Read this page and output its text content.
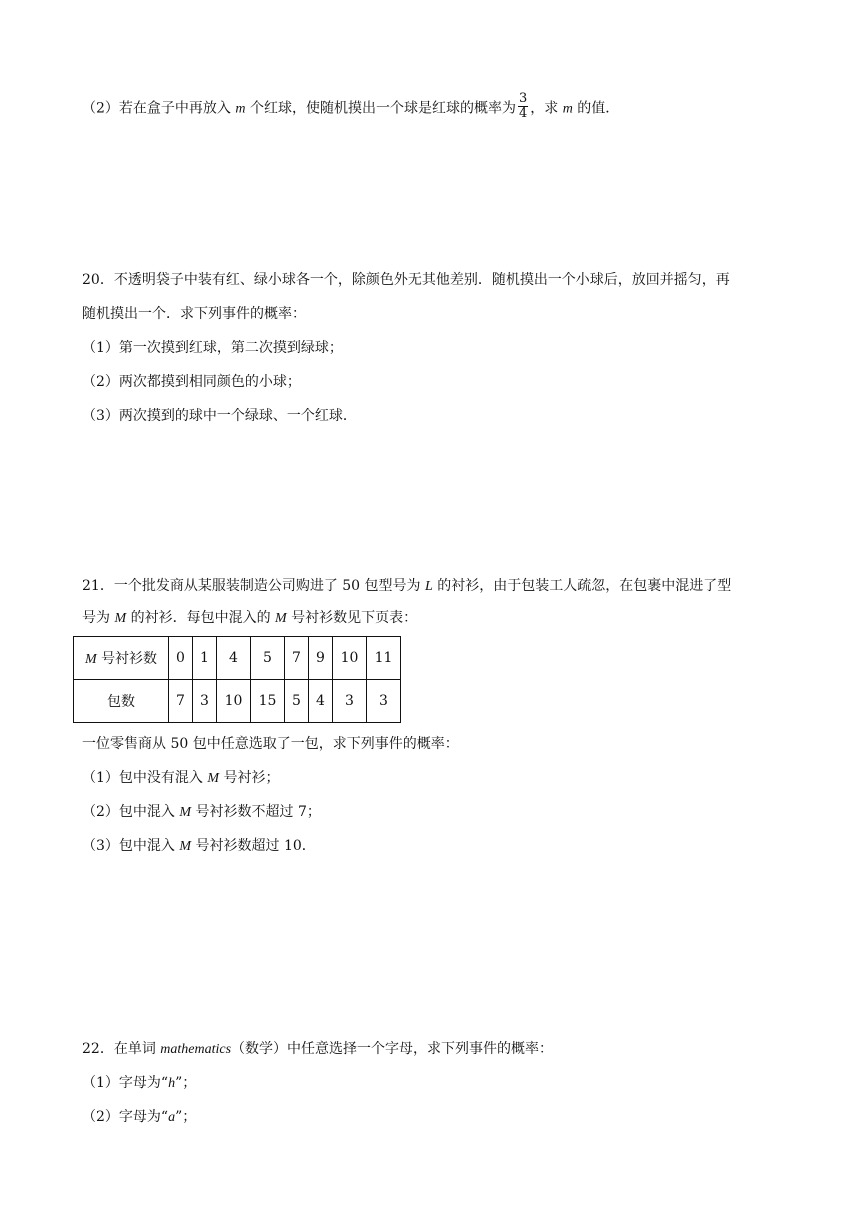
（2）若在盒子中再放入 m 个红球，使随机摸出一个球是红球的概率为 $\frac{3}{4}$ ，求 m 的值．
20．不透明袋子中装有红、绿小球各一个，除颜色外无其他差别．随机摸出一个小球后，放回并摇匀，再
随机摸出一个．求下列事件的概率：
（1）第一次摸到红球，第二次摸到绿球；
（2）两次都摸到相同颜色的小球；
（3）两次摸到的球中一个绿球、一个红球．
21．一个批发商从某服装制造公司购进了 50 包型号为 L 的衬衫，由于包装工人疏忽，在包裹中混进了型
号为 M 的衬衫．每包中混入的 M 号衬衫数见下页表：
M 号衬衫数	0	1	4	5	7	9	10	11
包数	7	3	10	15	5	4	3	3
一位零售商从 50 包中任意选取了一包，求下列事件的概率：
（1）包中没有混入 M 号衬衫；
（2）包中混入 M 号衬衫数不超过 7；
（3）包中混入 M 号衬衫数超过 10．
22．在单词 mathematics（数学）中任意选择一个字母，求下列事件的概率：
（1）字母为“h”；
（2）字母为“a”；
